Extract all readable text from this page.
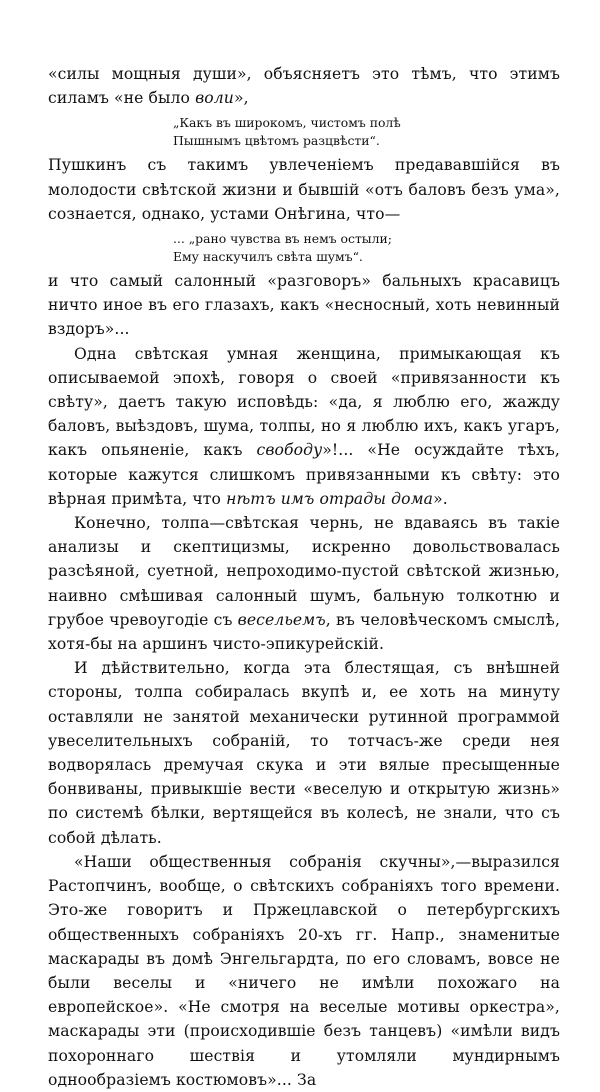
«силы мощныя души», объясняетъ это тѣмъ, что этимъ силамъ «не было воли»,

„Какъ въ широкомъ, чистомъ полѣ
Пышнымъ цвѣтомъ разцвѣсти“.

Пушкинъ съ такимъ увлеченіемъ предававшійся въ молодости свѣтской жизни и бывшій «отъ баловъ безъ ума», сознается, однако, устами Онѣгина, что—

... „рано чувства въ немъ остыли;
Ему наскучилъ свѣта шумъ“.

и что самый салонный «разговоръ» бальныхъ красавицъ ничто иное въ его глазахъ, какъ «несносный, хоть невинный вздоръ»...

Одна свѣтская умная женщина, примыкающая къ описываемой эпохѣ, говоря о своей «привязанности къ свѣту», даетъ такую исповѣдь: «да, я люблю его, жажду баловъ, выѣздовъ, шума, толпы, но я люблю ихъ, какъ угаръ, какъ опьяненіе, какъ свободу»!... «Не осуждайте тѣхъ, которые кажутся слишкомъ привязанными къ свѣту: это вѣрная примѣта, что нѣтъ имъ отрады дома».

Конечно, толпа—свѣтская чернь, не вдаваясь въ такіе анализы и скептицизмы, искренно довольствовалась разсѣяной, суетной, непроходимо-пустой свѣтской жизнью, наивно смѣшивая салонный шумъ, бальную толкотню и грубое чревоугодіе съ весельемъ, въ человѣческомъ смыслѣ, хотя-бы на аршинъ чисто-эпикурейскій.

И дѣйствительно, когда эта блестящая, съ внѣшней стороны, толпа собиралась вкупѣ и, ее хоть на минуту оставляли не занятой механически рутинной программой увеселительныхъ собраній, то тотчасъ-же среди нея водворялась дремучая скука и эти вялые пресыщенные бонвиваны, привыкшіе вести «веселую и открытую жизнь» по системѣ бѣлки, вертящейся въ колесѣ, не знали, что съ собой дѣлать.

«Наши общественныя собранія скучны»,—выразился Растопчинъ, вообще, о свѣтскихъ собраніяхъ того времени. Это-же говоритъ и Пржецлавской о петербургскихъ общественныхъ собраніяхъ 20-хъ гг. Напр., знаменитые маскарады въ домѣ Энгельгардта, по его словамъ, вовсе не были веселы и «ничего не имѣли похожаго на европейское». «Не смотря на веселые мотивы оркестра», маскарады эти (происходившіе безъ танцевъ) «имѣли видъ похороннаго шествія и утомляли мундирнымъ однообразіемъ костюмовъ»... За
